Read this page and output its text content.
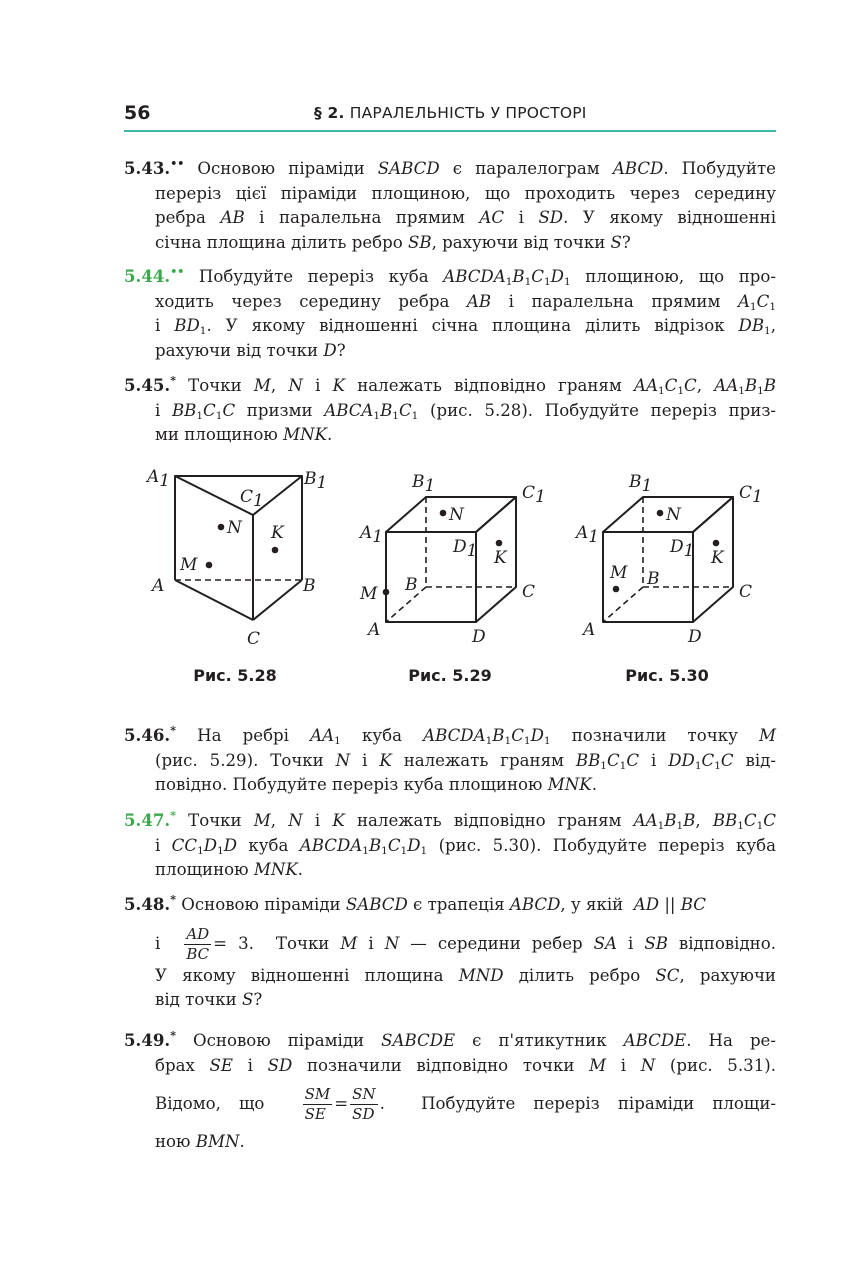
56	§ 2. ПАРАЛЕЛЬНІСТЬ У ПРОСТОРІ
5.43.•• Основою піраміди SABCD є паралелограм ABCD. Побудуйте
переріз цієї піраміди площиною, що проходить через середину
ребра AB і паралельна прямим AC і SD. У якому відношенні
січна площина ділить ребро SB, рахуючи від точки S?
5.44.•• Побудуйте переріз куба $ABCDA_1B_1C_1D_1$ площиною, що про-
ходить через середину ребра AB і паралельна прямим $A_1C_1$
і $BD_1$. У якому відношенні січна площина ділить відрізок $DB_1$,
рахуючи від точки D?
5.45.* Точки M, N і K належать відповідно граням $AA_1C_1C$, $AA_1B_1B$
і $BB_1C_1C$ призми $ABCA_1B_1C_1$ (рис. 5.28). Побудуйте переріз приз-
ми площиною MNK.
A1	B1
C1
N K
M
A	B
C
Рис. 5.28
B1	C1
N
A1	D1 K
B	C
M
A	D
Рис. 5.29
B1	C1
N
A1	D1 K
M B
C
A	D
Рис. 5.30
5.46.* На ребрі $AA_1$ куба $ABCDA_1B_1C_1D_1$ позначили точку M
(рис. 5.29). Точки N і K належать граням $BB_1C_1C$ і $DD_1C_1C$ від-
повідно. Побудуйте переріз куба площиною MNK.
5.47.* Точки M, N і K належать відповідно граням $AA_1B_1B$, $BB_1C_1C$
і $CC_1D_1D$ куба $ABCDA_1B_1C_1D_1$ (рис. 5.30). Побудуйте переріз куба
площиною MNK.
5.48.* Основою піраміди SABCD є трапеція ABCD, у якій  AD || BC
і $\frac{AD}{BC} = 3$.  Точки M і N — середини ребер SA і SB відповідно.
У якому відношенні площина MND ділить ребро SC, рахуючи
від точки S?
5.49.* Основою піраміди SABCDE є п'ятикутник ABCDE. На ре-
брах SE і SD позначили відповідно точки M і N (рис. 5.31).
Відомо, що $\frac{SM}{SE} = \frac{SN}{SD}$ .  Побудуйте переріз піраміди площи-
ною BMN.
